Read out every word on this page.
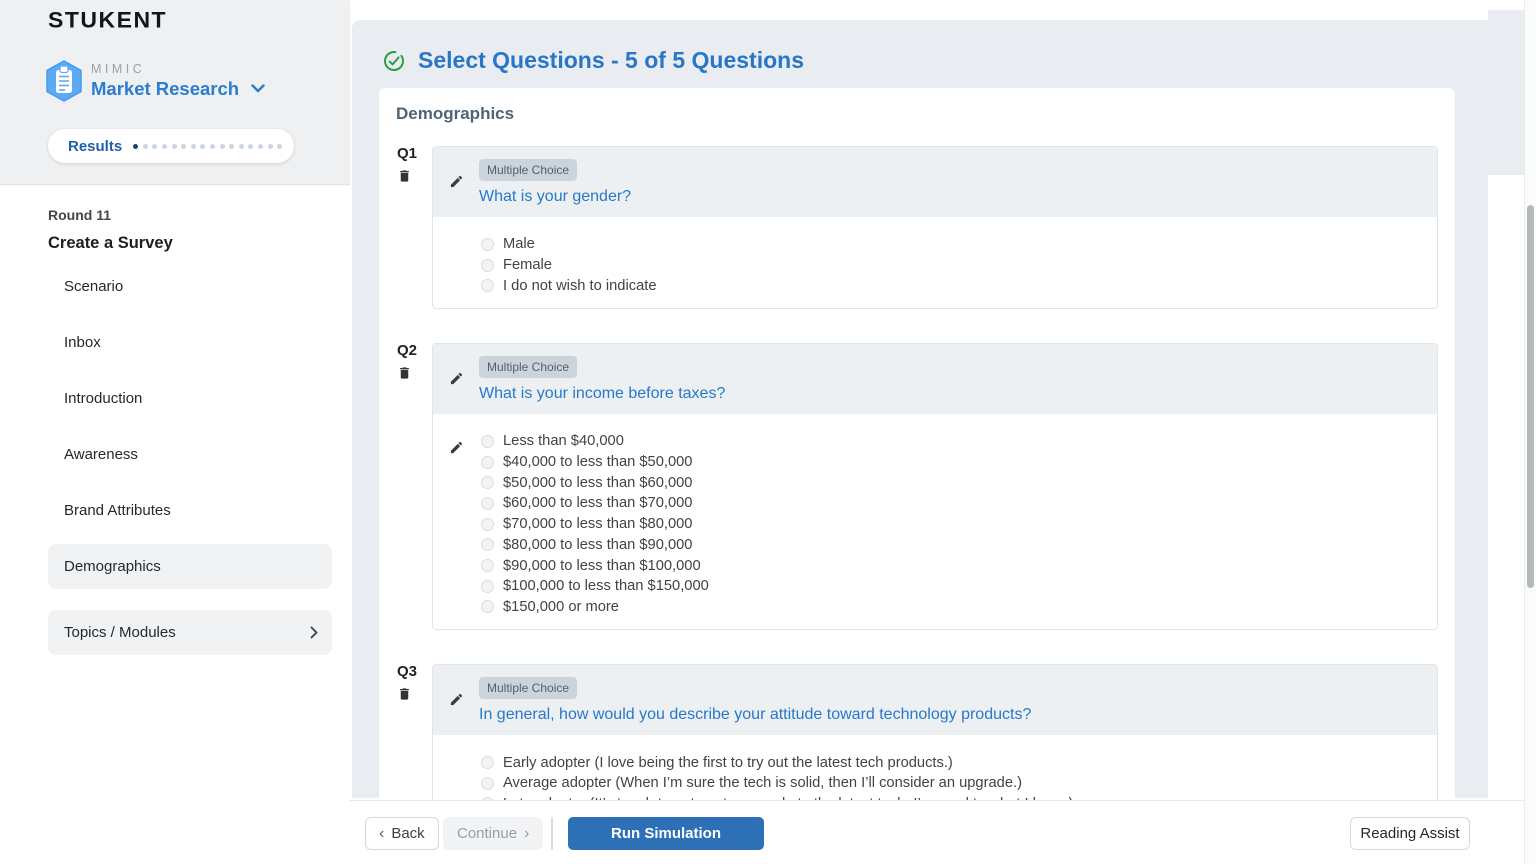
STUKENT
MIMIC
Market Research
Results
Round 11
Create a Survey
Scenario
Inbox
Introduction
Awareness
Brand Attributes
Demographics
Topics / Modules
Select Questions - 5 of 5 Questions
Demographics
Q1
Multiple Choice
What is your gender?
Male
Female
I do not wish to indicate
Q2
Multiple Choice
What is your income before taxes?
Less than $40,000
$40,000 to less than $50,000
$50,000 to less than $60,000
$60,000 to less than $70,000
$70,000 to less than $80,000
$80,000 to less than $90,000
$90,000 to less than $100,000
$100,000 to less than $150,000
$150,000 or more
Q3
Multiple Choice
In general, how would you describe your attitude toward technology products?
Early adopter (I love being the first to try out the latest tech products.)
Average adopter (When I’m sure the tech is solid, then I’ll consider an upgrade.)
‹ Back Continue ›	Run Simulation	Reading Assist
